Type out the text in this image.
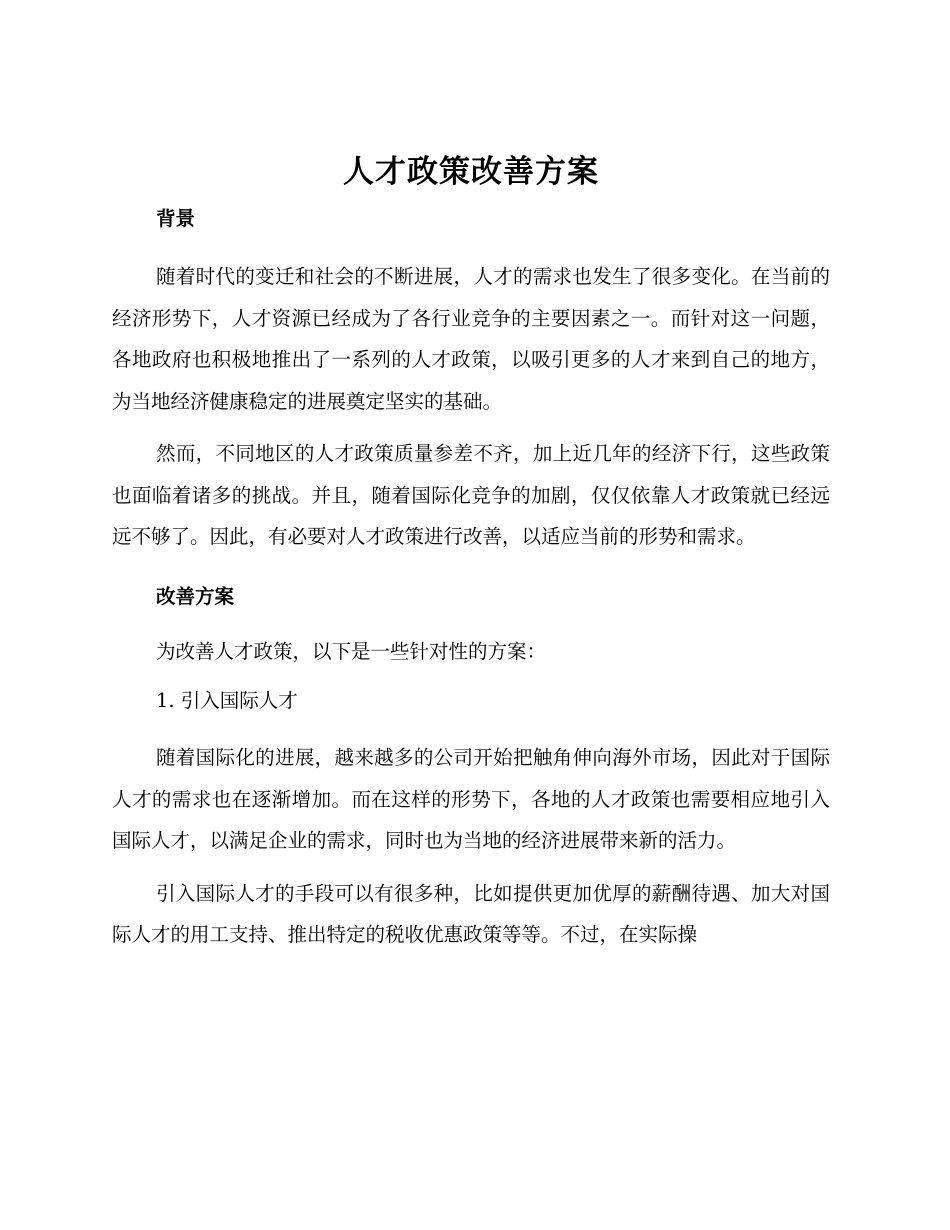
人才政策改善方案
背景

随着时代的变迁和社会的不断进展，人才的需求也发生了很多变化。在当前的经济形势下，人才资源已经成为了各行业竞争的主要因素之一。而针对这一问题，各地政府也积极地推出了一系列的人才政策，以吸引更多的人才来到自己的地方，为当地经济健康稳定的进展奠定坚实的基础。

然而，不同地区的人才政策质量参差不齐，加上近几年的经济下行，这些政策也面临着诸多的挑战。并且，随着国际化竞争的加剧，仅仅依靠人才政策就已经远远不够了。因此，有必要对人才政策进行改善，以适应当前的形势和需求。

改善方案

为改善人才政策，以下是一些针对性的方案：

1. 引入国际人才

随着国际化的进展，越来越多的公司开始把触角伸向海外市场，因此对于国际人才的需求也在逐渐增加。而在这样的形势下，各地的人才政策也需要相应地引入国际人才，以满足企业的需求，同时也为当地的经济进展带来新的活力。

引入国际人才的手段可以有很多种，比如提供更加优厚的薪酬待遇、加大对国际人才的用工支持、推出特定的税收优惠政策等等。不过，在实际操
